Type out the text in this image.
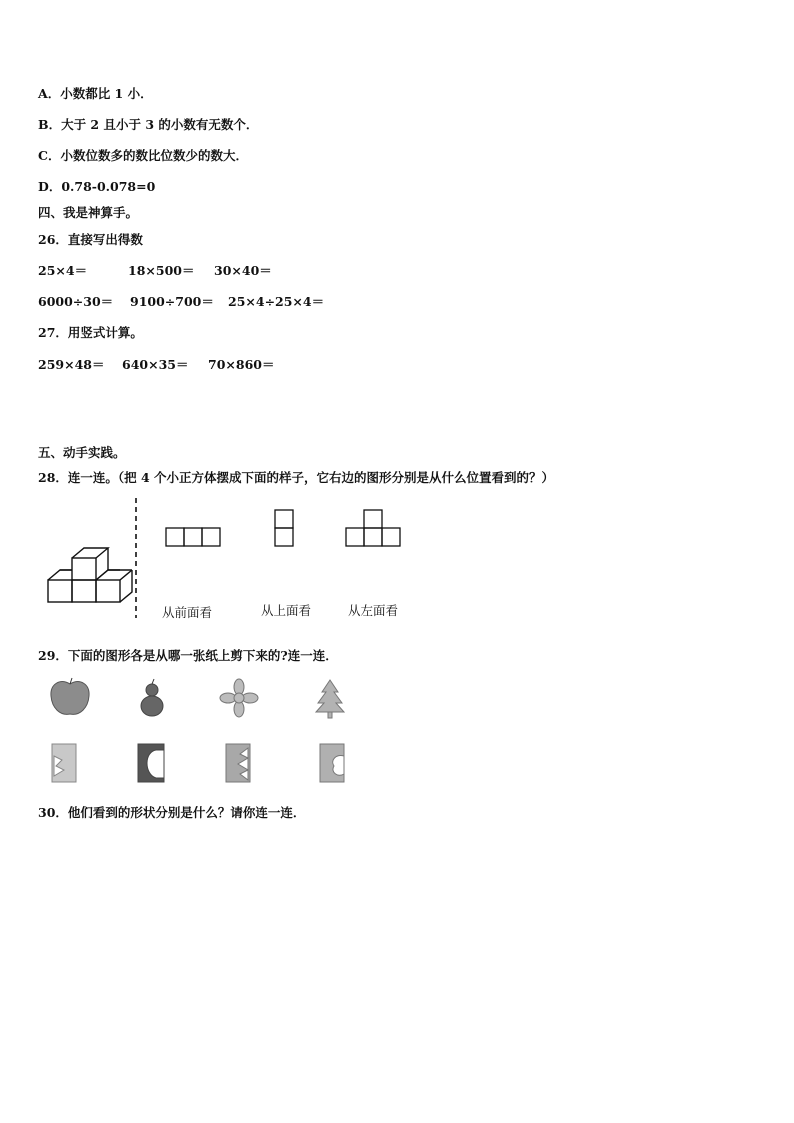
A．小数都比 1 小．
B．大于 2 且小于 3 的小数有无数个．
C．小数位数多的数比位数少的数大．
D．0.78-0.078=0
四、我是神算手。
26．直接写出得数
25×4＝	18×500＝ 30×40＝
6000÷30＝ 9100÷700＝ 25×4÷25×4＝
27．用竖式计算。
259×48＝ 640×35＝ 70×860＝
五、动手实践。
28．连一连。（把 4 个小正方体摆成下面的样子，它右边的图形分别是从什么位置看到的？）
从前面看	从上面看	从左面看
29．下面的图形各是从哪一张纸上剪下来的?连一连．
30．他们看到的形状分别是什么？请你连一连．
